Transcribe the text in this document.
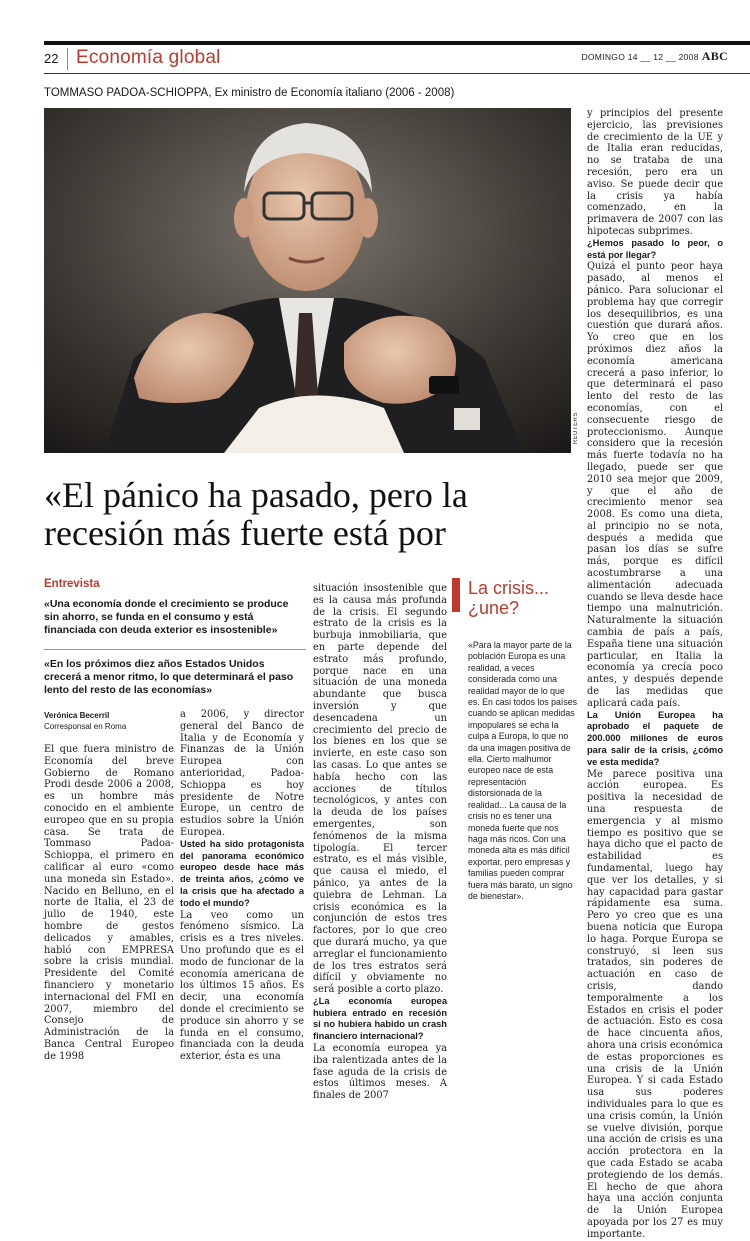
22 Economía global	DOMINGO 14 __ 12 __ 2008 ABC
TOMMASO PADOA-SCHIOPPA, Ex ministro de Economía italiano (2006 - 2008)
REUTERS
«El pánico ha pasado, pero la recesión más fuerte está por
Entrevista
«Una economía donde el crecimiento se produce sin ahorro, se funda en el consumo y está financiada con deuda exterior es insostenible»
«En los próximos diez años Estados Unidos crecerá a menor ritmo, lo que determinará el paso lento del resto de las economías»
Verónica Becerril
Corresponsal en Roma

El que fuera ministro de Economía del breve Gobierno de Romano Prodi desde 2006 a 2008, es un hombre más conocido en el ambiente europeo que en su propia casa. Se trata de Tommaso Padoa-Schioppa, el primero en calificar al euro «como una moneda sin Estado». Nacido en Belluno, en el norte de Italia, el 23 de julio de 1940, este hombre de gestos delicados y amables, habló con EMPRESA sobre la crisis mundial. Presidente del Comité financiero y monetario internacional del FMI en 2007, miembro del Consejo de Administración de la Banca Central Europeo de 1998

a 2006, y director general del Banco de Italia y de Economía y Finanzas de la Unión Europea con anterioridad, Padoa-Schioppa es hoy presidente de Notre Europe, un centro de estudios sobre la Unión Europea.

Usted ha sido protagonista del panorama económico europeo desde hace más de treinta años, ¿cómo ve la crisis que ha afectado a todo el mundo?

La veo como un fenómeno sísmico. La crisis es a tres niveles. Uno profundo que es el modo de funcionar de la economía americana de los últimos 15 años. Es decir, una economía donde el crecimiento se produce sin ahorro y se funda en el consumo, financiada con la deuda exterior, ésta es una

situación insostenible que es la causa más profunda de la crisis. El segundo estrato de la crisis es la burbuja inmobiliaria, que en parte depende del estrato más profundo, porque nace en una situación de una moneda abundante que busca inversión y que desencadena un crecimiento del precio de los bienes en los que se invierte, en este caso son las casas. Lo que antes se había hecho con las acciones de títulos tecnológicos, y antes con la deuda de los países emergentes, son fenómenos de la misma tipología. El tercer estrato, es el más visible, que causa el miedo, el pánico, ya antes de la quiebra de Lehman. La crisis económica es la conjunción de estos tres factores, por lo que creo que durará mucho, ya que arreglar el funcionamiento de los tres estratos será difícil y obviamente no será posible a corto plazo.

¿La economía europea hubiera entrado en recesión si no hubiera habido un crash financiero internacional?

La economía europea ya iba ralentizada antes de la fase aguda de la crisis de estos últimos meses. A finales de 2007

La crisis...
¿une?
«Para la mayor parte de la población Europa es una realidad, a veces considerada como una realidad mayor de lo que es. En casi todos los países cuando se aplican medidas impopulares se echa la culpa a Europa, lo que no da una imagen positiva de ella. Cierto malhumor europeo nace de esta representación distorsionada de la realidad... La causa de la crisis no es tener una moneda fuerte que nos haga más ricos. Con una moneda alta es más difícil exportar, pero empresas y familias pueden comprar fuera más barato, un signo de bienestar».

y principios del presente ejercicio, las previsiones de crecimiento de la UE y de Italia eran reducidas, no se trataba de una recesión, pero era un aviso. Se puede decir que la crisis ya había comenzado, en la primavera de 2007 con las hipotecas subprimes.

¿Hemos pasado lo peor, o está por llegar?

Quizá el punto peor haya pasado, al menos el pánico. Para solucionar el problema hay que corregir los desequilibrios, es una cuestión que durará años. Yo creo que en los próximos diez años la economía americana crecerá a paso inferior, lo que determinará el paso lento del resto de las economías, con el consecuente riesgo de proteccionismo. Aunque considero que la recesión más fuerte todavía no ha llegado, puede ser que 2010 sea mejor que 2009, y que el año de crecimiento menor sea 2008. Es como una dieta, al principio no se nota, después a medida que pasan los días se sufre más, porque es difícil acostumbrarse a una alimentación adecuada cuando se lleva desde hace tiempo una malnutrición. Naturalmente la situación cambia de país a país, España tiene una situación particular, en Italia la economía ya crecía poco antes, y después depende de las medidas que aplicará cada país.

La Unión Europea ha aprobado el paquete de 200.000 millones de euros para salir de la crisis, ¿cómo ve esta medida?

Me parece positiva una acción europea. Es positiva la necesidad de una respuesta de emergencia y al mismo tiempo es positivo que se haya dicho que el pacto de estabilidad es fundamental, luego hay que ver los detalles, y si hay capacidad para gastar rápidamente esa suma. Pero yo creo que es una buena noticia que Europa lo haga. Porque Europa se construyó, si leen sus tratados, sin poderes de actuación en caso de crisis, dando temporalmente a los Estados en crisis el poder de actuación. Esto es cosa de hace cincuenta años, ahora una crisis económica de estas proporciones es una crisis de la Unión Europea. Y si cada Estado usa sus poderes individuales para lo que es una crisis común, la Unión se vuelve división, porque una acción de crisis es una acción protectora en la que cada Estado se acaba protegiendo de los demás. El hecho de que ahora haya una acción conjunta de la Unión Europea apoyada por los 27 es muy importante.
